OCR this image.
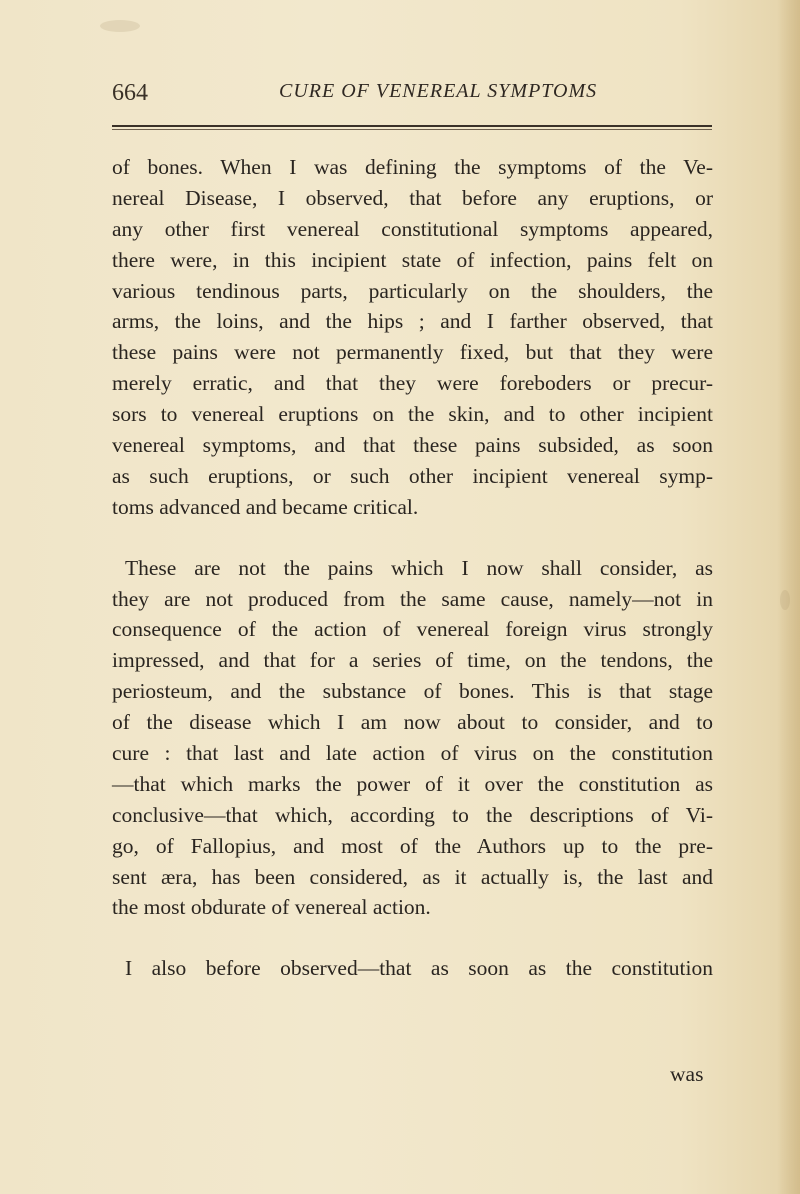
664	CURE OF VENEREAL SYMPTOMS
of bones. When I was defining the symptoms of the Ve-
nereal Disease, I observed, that before any eruptions, or
any other first venereal constitutional symptoms appeared,
there were, in this incipient state of infection, pains felt on
various tendinous parts, particularly on the shoulders, the
arms, the loins, and the hips ; and I farther observed, that
these pains were not permanently fixed, but that they were
merely erratic, and that they were foreboders or precur-
sors to venereal eruptions on the skin, and to other incipient
venereal symptoms, and that these pains subsided, as soon
as such eruptions, or such other incipient venereal symp-
toms advanced and became critical.
These are not the pains which I now shall consider, as
they are not produced from the same cause, namely—not in
consequence of the action of venereal foreign virus strongly
impressed, and that for a series of time, on the tendons, the
periosteum, and the substance of bones. This is that stage
of the disease which I am now about to consider, and to
cure : that last and late action of virus on the constitution
—that which marks the power of it over the constitution as
conclusive—that which, according to the descriptions of Vi-
go, of Fallopius, and most of the Authors up to the pre-
sent æra, has been considered, as it actually is, the last and
the most obdurate of venereal action.
I also before observed—that as soon as the constitution
was
